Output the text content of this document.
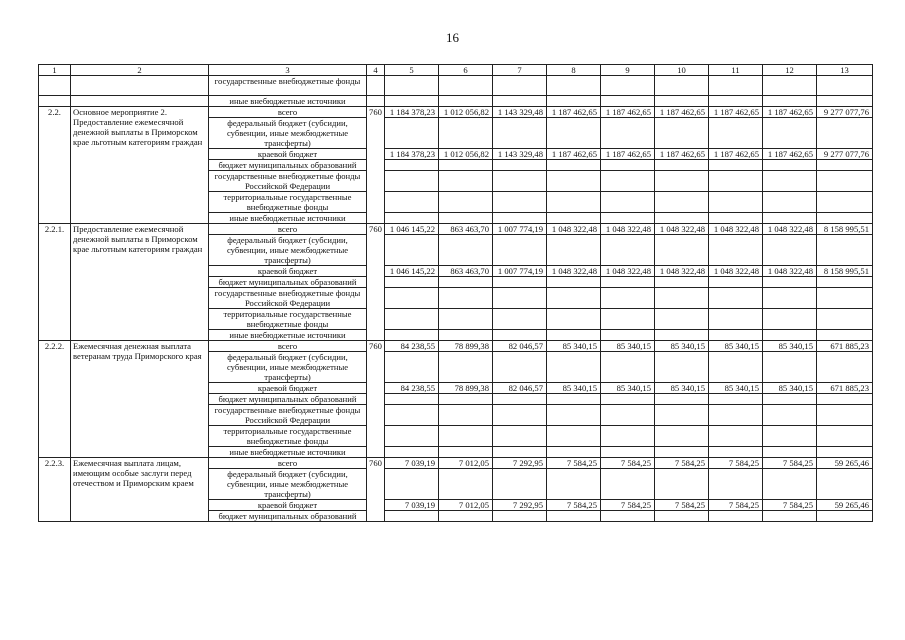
16
1	2	3	4	5	6	7	8	9	10	11	12	13
		государственные внебюджетные фонды										
		иные внебюджетные источники										
2.2.	Основное мероприятие 2. Предоставление ежемесячной денежной выплаты в Приморском крае льготным категориям граждан	всего	760	1 184 378,23	1 012 056,82	1 143 329,48	1 187 462,65	1 187 462,65	1 187 462,65	1 187 462,65	1 187 462,65	9 277 077,76
		федеральный бюджет (субсидии, субвенции, иные межбюджетные трансферты)										
		краевой бюджет		1 184 378,23	1 012 056,82	1 143 329,48	1 187 462,65	1 187 462,65	1 187 462,65	1 187 462,65	1 187 462,65	9 277 077,76
		бюджет муниципальных образований										
		государственные внебюджетные фонды Российской Федерации										
		территориальные государственные внебюджетные фонды										
		иные внебюджетные источники										
2.2.1.	Предоставление ежемесячной денежной выплаты в Приморском крае льготным категориям граждан	всего	760	1 046 145,22	863 463,70	1 007 774,19	1 048 322,48	1 048 322,48	1 048 322,48	1 048 322,48	1 048 322,48	8 158 995,51
		федеральный бюджет (субсидии, субвенции, иные межбюджетные трансферты)										
		краевой бюджет		1 046 145,22	863 463,70	1 007 774,19	1 048 322,48	1 048 322,48	1 048 322,48	1 048 322,48	1 048 322,48	8 158 995,51
		бюджет муниципальных образований										
		государственные внебюджетные фонды Российской Федерации										
		территориальные государственные внебюджетные фонды										
		иные внебюджетные источники										
2.2.2.	Ежемесячная денежная выплата ветеранам труда Приморского края	всего	760	84 238,55	78 899,38	82 046,57	85 340,15	85 340,15	85 340,15	85 340,15	85 340,15	671 885,23
		федеральный бюджет (субсидии, субвенции, иные межбюджетные трансферты)										
		краевой бюджет		84 238,55	78 899,38	82 046,57	85 340,15	85 340,15	85 340,15	85 340,15	85 340,15	671 885,23
		бюджет муниципальных образований										
		государственные внебюджетные фонды Российской Федерации										
		территориальные государственные внебюджетные фонды										
		иные внебюджетные источники										
2.2.3.	Ежемесячная выплата лицам, имеющим особые заслуги перед отечеством и Приморским краем	всего	760	7 039,19	7 012,05	7 292,95	7 584,25	7 584,25	7 584,25	7 584,25	7 584,25	59 265,46
		федеральный бюджет (субсидии, субвенции, иные межбюджетные трансферты)										
		краевой бюджет		7 039,19	7 012,05	7 292,95	7 584,25	7 584,25	7 584,25	7 584,25	7 584,25	59 265,46
		бюджет муниципальных образований										
